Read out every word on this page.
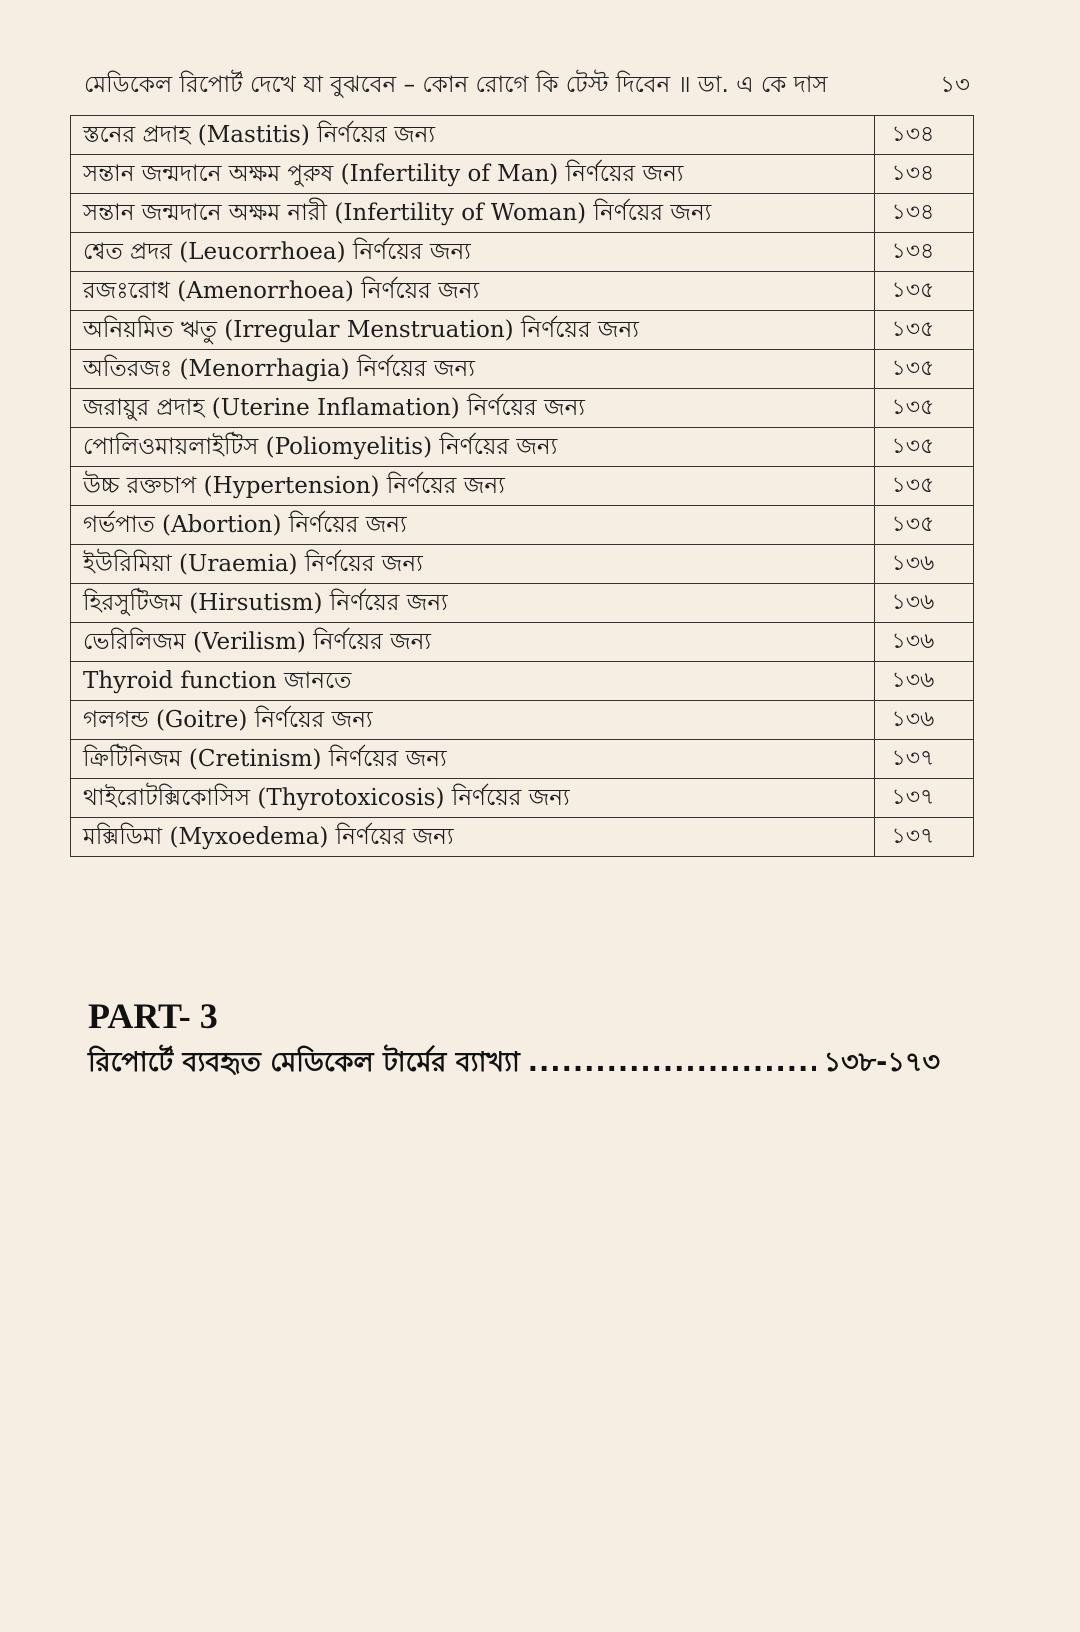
মেডিকেল রিপোর্ট দেখে যা বুঝবেন – কোন রোগে কি টেস্ট দিবেন ॥ ডা. এ কে দাস	১৩
স্তনের প্রদাহ (Mastitis) নির্ণয়ের জন্য	১৩৪
সন্তান জন্মদানে অক্ষম পুরুষ (Infertility of Man) নির্ণয়ের জন্য	১৩৪
সন্তান জন্মদানে অক্ষম নারী (Infertility of Woman) নির্ণয়ের জন্য	১৩৪
শ্বেত প্রদর (Leucorrhoea) নির্ণয়ের জন্য	১৩৪
রজঃরোধ (Amenorrhoea) নির্ণয়ের জন্য	১৩৫
অনিয়মিত ঋতু (Irregular Menstruation) নির্ণয়ের জন্য	১৩৫
অতিরজঃ (Menorrhagia) নির্ণয়ের জন্য	১৩৫
জরায়ুর প্রদাহ (Uterine Inflamation) নির্ণয়ের জন্য	১৩৫
পোলিওমায়লাইটিস (Poliomyelitis) নির্ণয়ের জন্য	১৩৫
উচ্চ রক্তচাপ (Hypertension) নির্ণয়ের জন্য	১৩৫
গর্ভপাত (Abortion) নির্ণয়ের জন্য	১৩৫
ইউরিমিয়া (Uraemia) নির্ণয়ের জন্য	১৩৬
হিরসুটিজম (Hirsutism) নির্ণয়ের জন্য	১৩৬
ভেরিলিজম (Verilism) নির্ণয়ের জন্য	১৩৬
Thyroid function জানতে	১৩৬
গলগন্ড (Goitre) নির্ণয়ের জন্য	১৩৬
ক্রিটিনিজম (Cretinism) নির্ণয়ের জন্য	১৩৭
থাইরোটক্সিকোসিস (Thyrotoxicosis) নির্ণয়ের জন্য	১৩৭
মক্সিডিমা (Myxoedema) নির্ণয়ের জন্য	১৩৭
PART- 3
রিপোর্টে ব্যবহৃত মেডিকেল টার্মের ব্যাখ্যা .....	১৩৮-১৭৩
